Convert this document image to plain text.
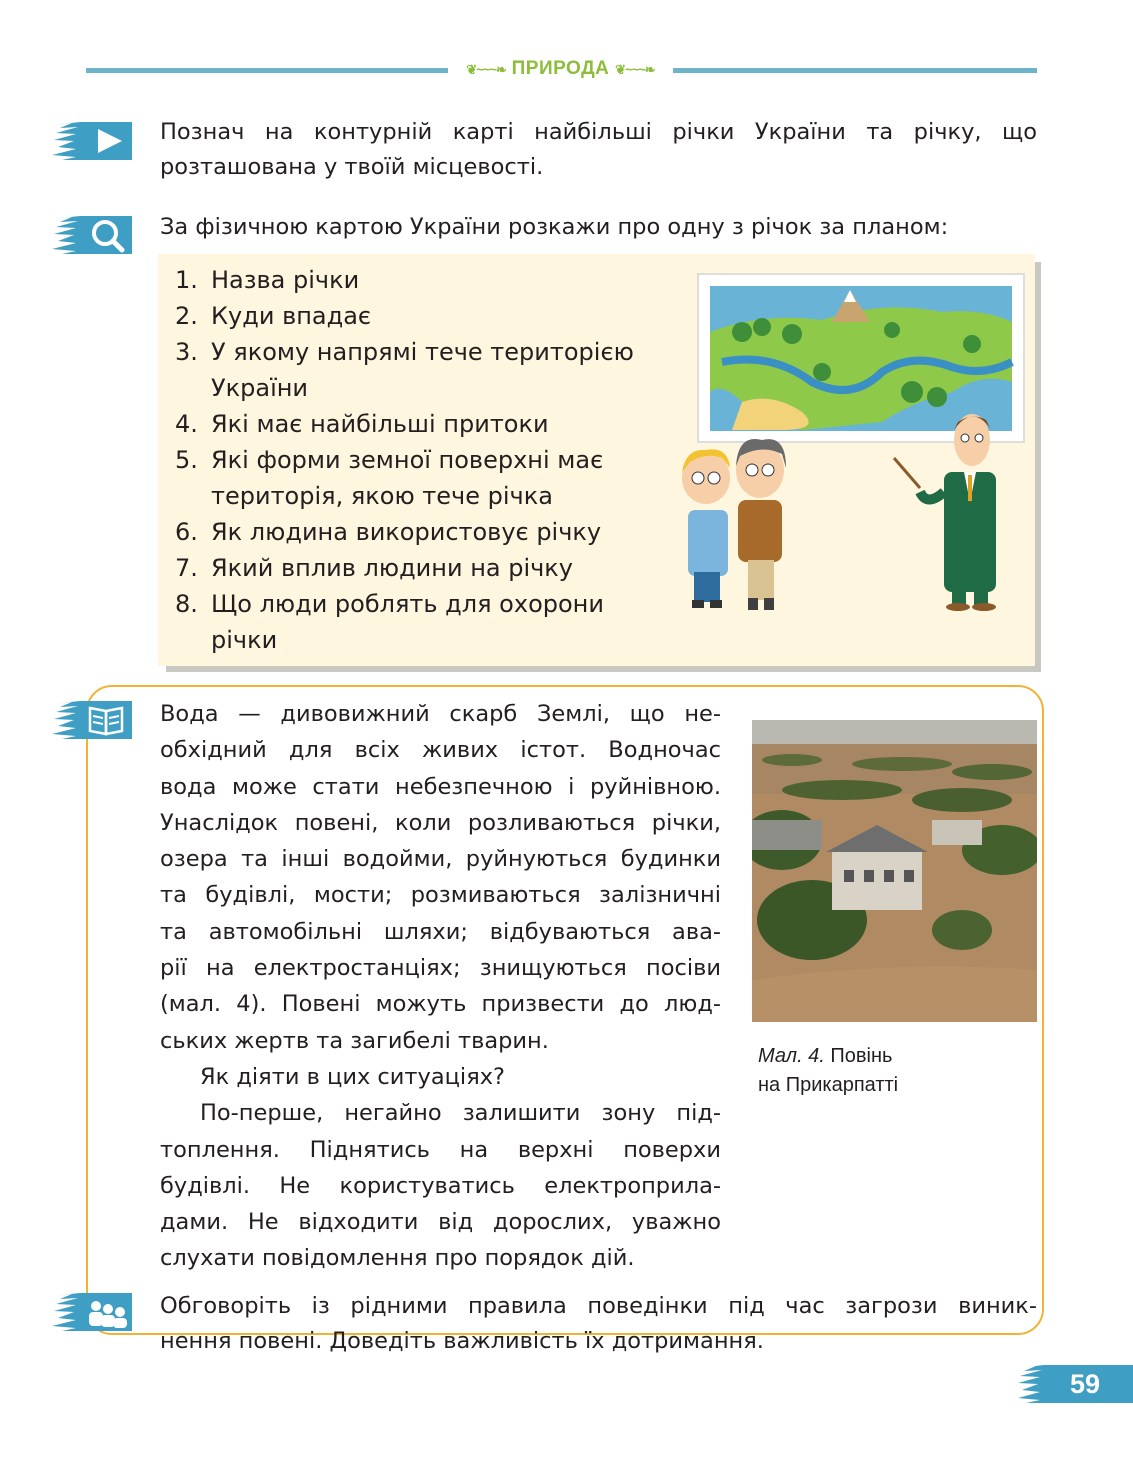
❦~~~❧ ПРИРОДА ❦~~~❧
Познач на контурній карті найбільші річки України та річку, що
розташована у твоїй місцевості.
За фізичною картою України розкажи про одну з річок за планом:
1. Назва річки
2. Куди впадає
3. У якому напрямі тече територією України
4. Які має найбільші притоки
5. Які форми земної поверхні має територія, якою тече річка
6. Як людина використовує річку
7. Який вплив людини на річку
8. Що люди роблять для охорони річки
Вода — дивовижний скарб Землі, що не-
обхідний для всіх живих істот. Водночас
вода може стати небезпечною і руйнівною.
Унаслідок повені, коли розливаються річки,
озера та інші водойми, руйнуються будинки
та будівлі, мости; розмиваються залізничні
та автомобільні шляхи; відбуваються ава-
рії на електростанціях; знищуються посіви
(мал. 4). Повені можуть призвести до люд-
ських жертв та загибелі тварин.
Як діяти в цих ситуаціях?
По-перше, негайно залишити зону під-
топлення. Піднятись на верхні поверхи
будівлі. Не користуватись електроприла-
дами. Не відходити від дорослих, уважно
слухати повідомлення про порядок дій.
Мал. 4. Повінь
на Прикарпатті
Обговоріть із рідними правила поведінки під час загрози виник-
нення повені. Доведіть важливість їх дотримання.
59
